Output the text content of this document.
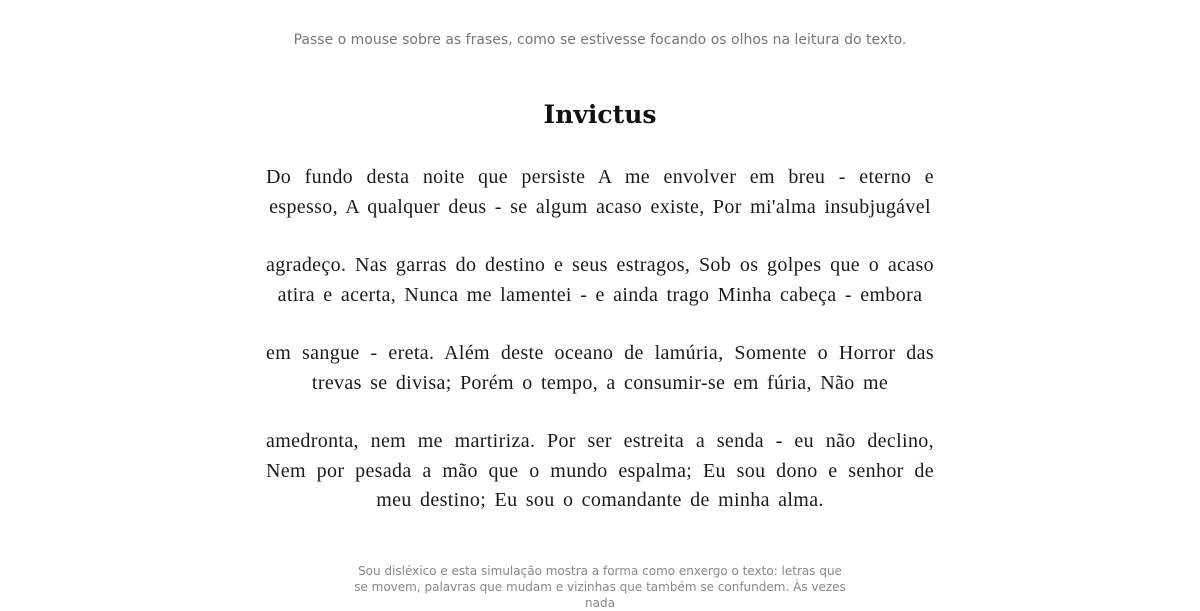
Passe o mouse sobre as frases, como se estivesse focando os olhos na leitura do texto.
Invictus

Do fundo desta noite que persiste A me envolver em breu - eterno e espesso, A qualquer deus - se algum acaso existe, Por mi'alma insubjugável

agradeço. Nas garras do destino e seus estragos, Sob os golpes que o acaso atira e acerta, Nunca me lamentei - e ainda trago Minha cabeça - embora

em sangue - ereta. Além deste oceano de lamúria, Somente o Horror das trevas se divisa; Porém o tempo, a consumir-se em fúria, Não me

amedronta, nem me martiriza. Por ser estreita a senda - eu não declino, Nem por pesada a mão que o mundo espalma; Eu sou dono e senhor de meu destino; Eu sou o comandante de minha alma.

Sou disléxico e esta simulação mostra a forma como enxergo o texto: letras que se movem, palavras que mudam e vizinhas que também se confundem. Às vezes nada
